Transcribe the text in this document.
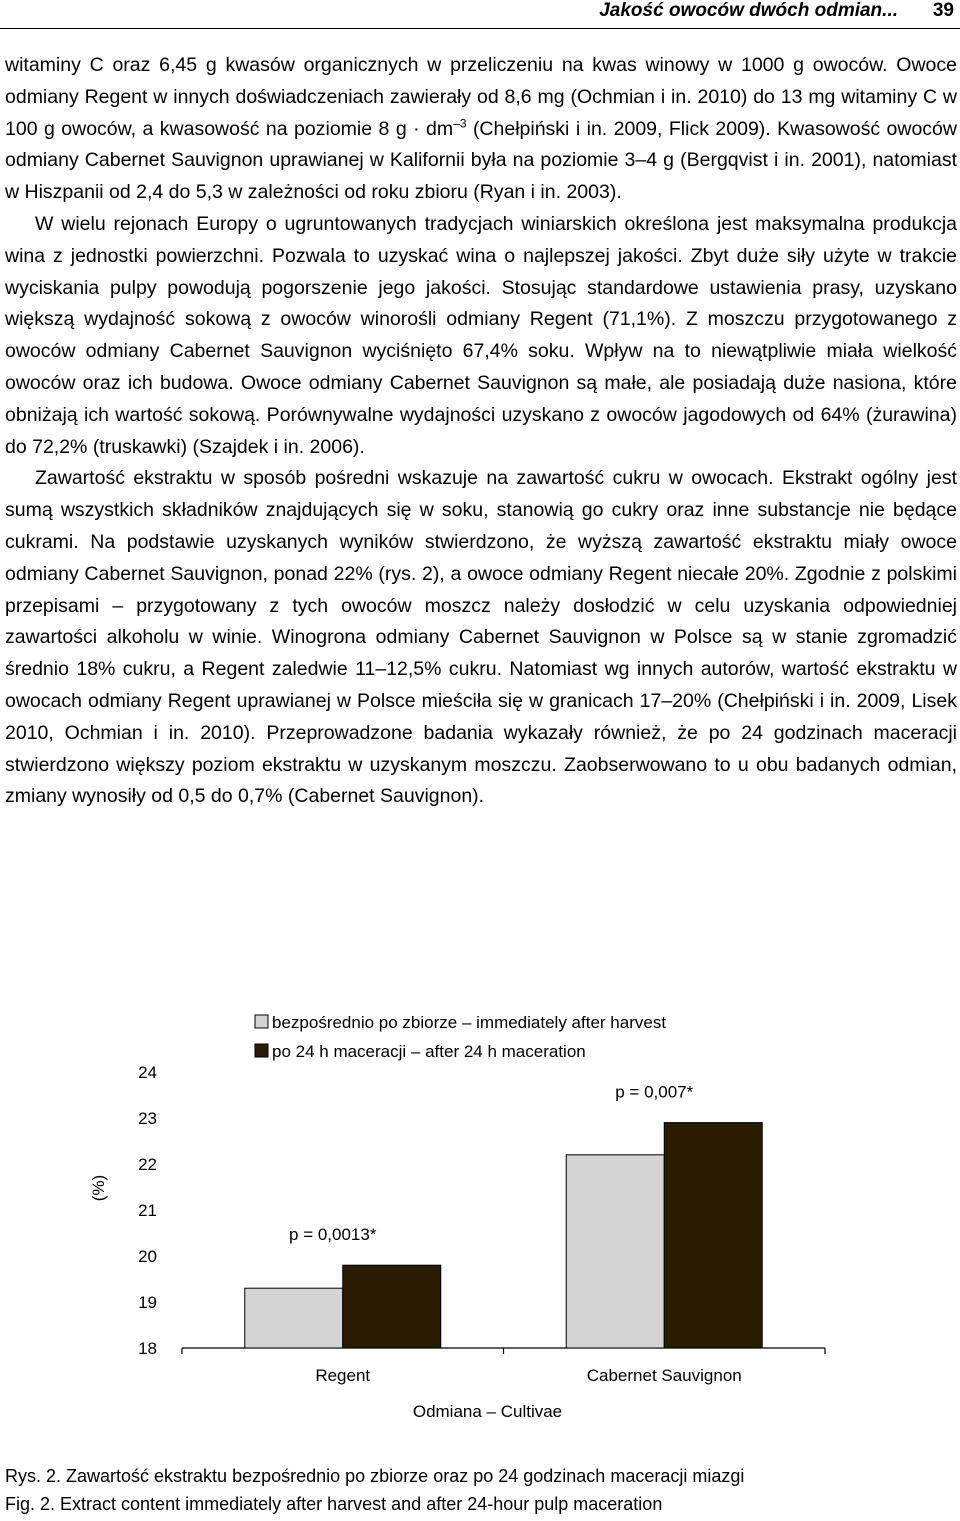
Jakość owoców dwóch odmian... 39

witaminy C oraz 6,45 g kwasów organicznych w przeliczeniu na kwas winowy w 1000 g owoców. Owoce odmiany Regent w innych doświadczeniach zawierały od 8,6 mg (Ochmian i in. 2010) do 13 mg witaminy C w 100 g owoców, a kwasowość na poziomie 8 $g \cdot dm^{-3}$ (Chełpiński i in. 2009, Flick 2009). Kwasowość owoców odmiany Cabernet Sauvignon uprawianej w Kalifornii była na poziomie 3–4 g (Bergqvist i in. 2001), natomiast w Hiszpanii od 2,4 do 5,3 w zależności od roku zbioru (Ryan i in. 2003).

W wielu rejonach Europy o ugruntowanych tradycjach winiarskich określona jest maksymalna produkcja wina z jednostki powierzchni. Pozwala to uzyskać wina o najlepszej jakości. Zbyt duże siły użyte w trakcie wyciskania pulpy powodują pogorszenie jego jakości. Stosując standardowe ustawienia prasy, uzyskano większą wydajność sokową z owoców winorośli odmiany Regent (71,1%). Z moszczu przygotowanego z owoców odmiany Cabernet Sauvignon wyciśnięto 67,4% soku. Wpływ na to niewątpliwie miała wielkość owoców oraz ich budowa. Owoce odmiany Cabernet Sauvignon są małe, ale posiadają duże nasiona, które obniżają ich wartość sokową. Porównywalne wydajności uzyskano z owoców jagodowych od 64% (żurawina) do 72,2% (truskawki) (Szajdek i in. 2006).

Zawartość ekstraktu w sposób pośredni wskazuje na zawartość cukru w owocach. Ekstrakt ogólny jest sumą wszystkich składników znajdujących się w soku, stanowią go cukry oraz inne substancje nie będące cukrami. Na podstawie uzyskanych wyników stwierdzono, że wyższą zawartość ekstraktu miały owoce odmiany Cabernet Sauvignon, ponad 22% (rys. 2), a owoce odmiany Regent niecałe 20%. Zgodnie z polskimi przepisami – przygotowany z tych owoców moszcz należy dosłodzić w celu uzyskania odpowiedniej zawartości alkoholu w winie. Winogrona odmiany Cabernet Sauvignon w Polsce są w stanie zgromadzić średnio 18% cukru, a Regent zaledwie 11–12,5% cukru. Natomiast wg innych autorów, wartość ekstraktu w owocach odmiany Regent uprawianej w Polsce mieściła się w granicach 17–20% (Chełpiński i in. 2009, Lisek 2010, Ochmian i in. 2010). Przeprowadzone badania wykazały również, że po 24 godzinach maceracji stwierdzono większy poziom ekstraktu w uzyskanym moszczu. Zaobserwowano to u obu badanych odmian, zmiany wynosiły od 0,5 do 0,7% (Cabernet Sauvignon).

18
19
20
21
22
23
24
(%)
Regent
p = 0,0013*
Cabernet Sauvignon
p = 0,007*
Odmiana – Cultivae
bezpośrednio po zbiorze – immediately after harvest
po 24 h maceracji – after 24 h maceration
Rys. 2. Zawartość ekstraktu bezpośrednio po zbiorze oraz po 24 godzinach maceracji miazgi
Fig. 2. Extract content immediately after harvest and after 24-hour pulp maceration
